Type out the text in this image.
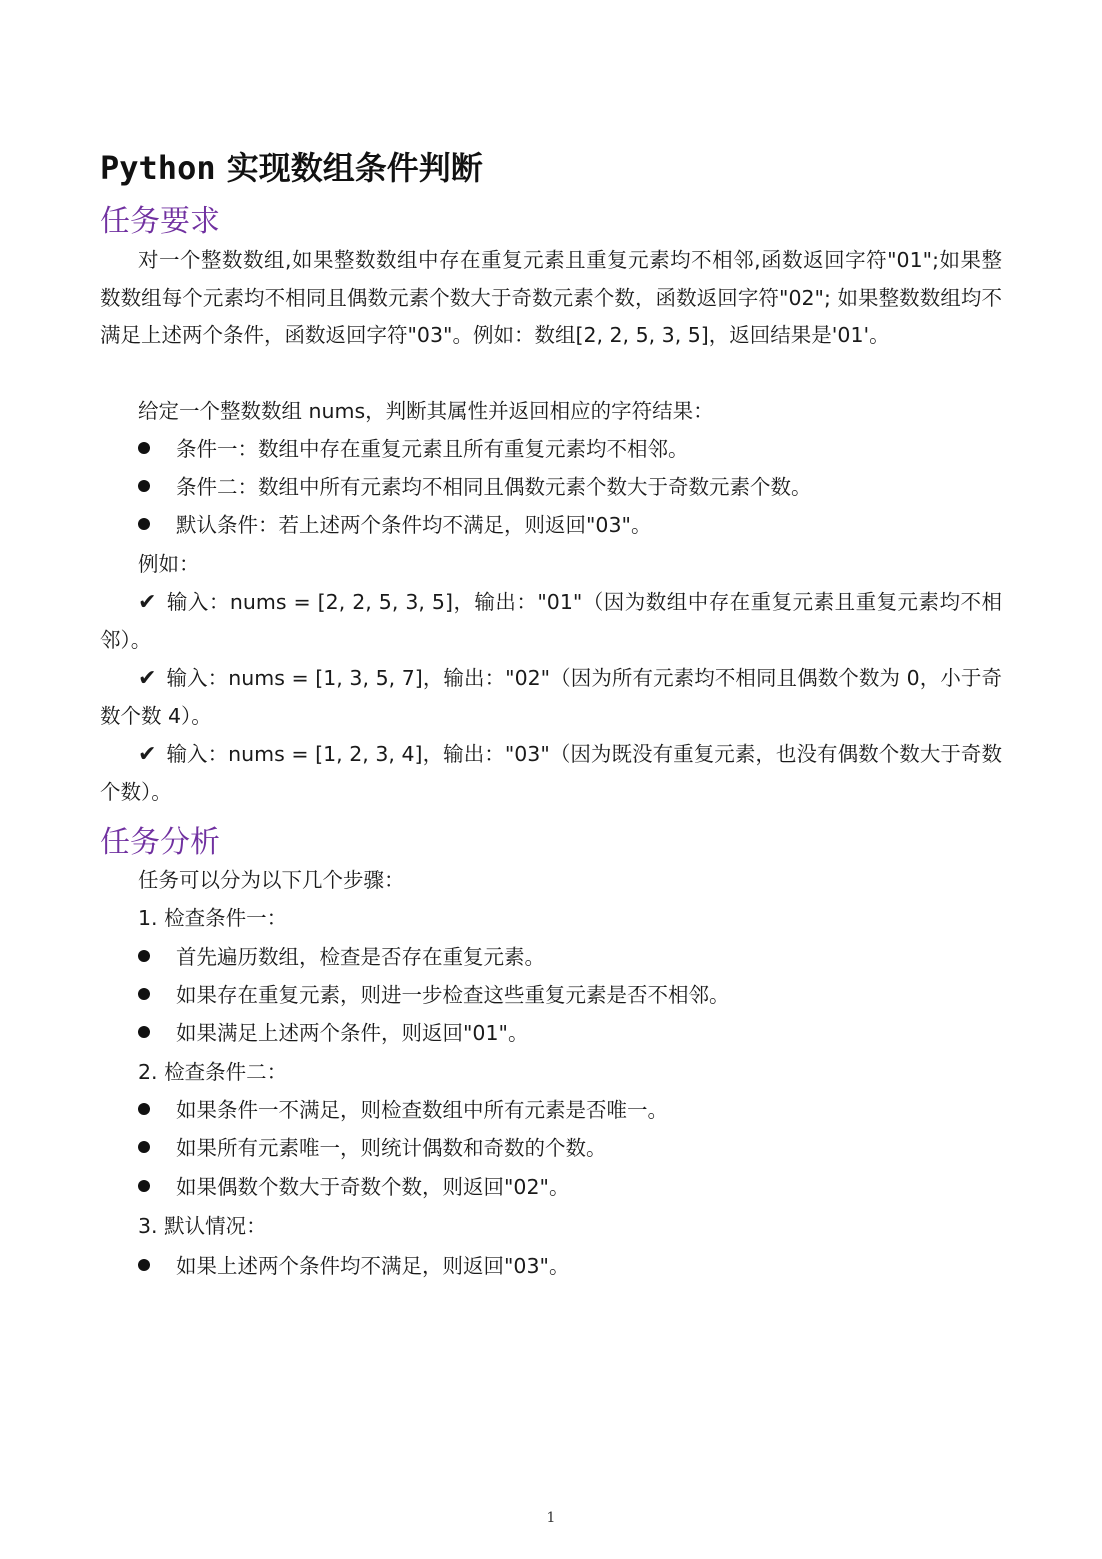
Python 实现数组条件判断
任务要求

对一个整数数组,如果整数数组中存在重复元素且重复元素均不相邻,函数返回字符"01";如果整数数组每个元素均不相同且偶数元素个数大于奇数元素个数，函数返回字符"02"; 如果整数数组均不满足上述两个条件，函数返回字符"03"。例如：数组[2, 2, 5, 3, 5]，返回结果是'01'。

给定一个整数数组 nums，判断其属性并返回相应的字符结果：

条件一：数组中存在重复元素且所有重复元素均不相邻。

条件二：数组中所有元素均不相同且偶数元素个数大于奇数元素个数。

默认条件：若上述两个条件均不满足，则返回"03"。

例如：

✔ 输入：nums = [2, 2, 5, 3, 5]，输出："01"（因为数组中存在重复元素且重复元素均不相邻）。

✔ 输入：nums = [1, 3, 5, 7]，输出："02"（因为所有元素均不相同且偶数个数为 0，小于奇数个数 4）。

✔ 输入：nums = [1, 2, 3, 4]，输出："03"（因为既没有重复元素，也没有偶数个数大于奇数个数）。

任务分析

任务可以分为以下几个步骤：

1. 检查条件一：

首先遍历数组，检查是否存在重复元素。

如果存在重复元素，则进一步检查这些重复元素是否不相邻。

如果满足上述两个条件，则返回"01"。

2. 检查条件二：

如果条件一不满足，则检查数组中所有元素是否唯一。

如果所有元素唯一，则统计偶数和奇数的个数。

如果偶数个数大于奇数个数，则返回"02"。

3. 默认情况：

如果上述两个条件均不满足，则返回"03"。

1
